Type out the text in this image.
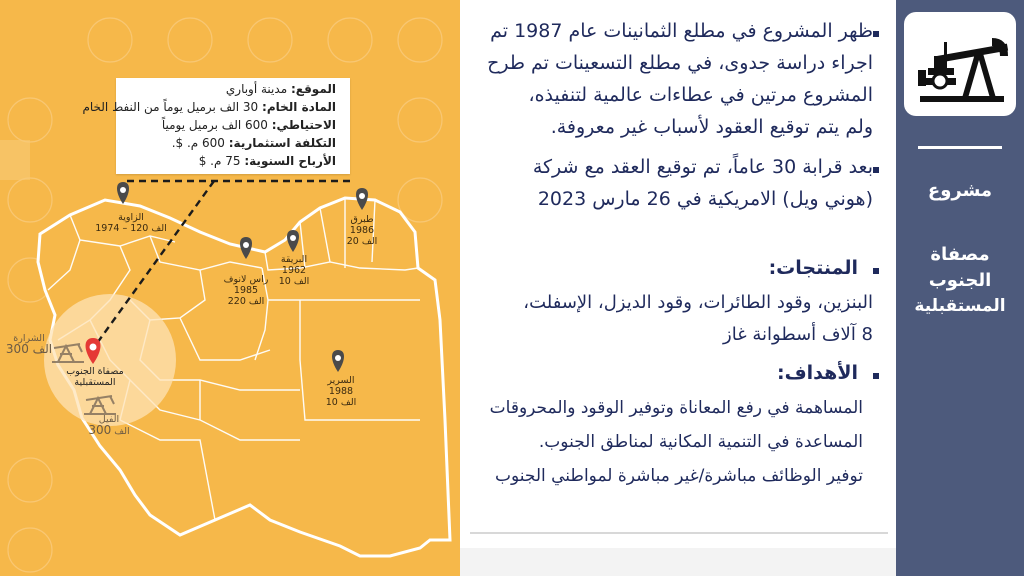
الموقع: مدينة أوباري
المادة الخام: 30 الف برميل يوماً من النفط الخام
الاحتياطي: 600 الف برميل يومياً
التكلفة استثمارية: 600 م. $.
الأرباح السنوية: 75 م. $
الزاوية
1974 – 120 الف
طبرق
1986
20 الف
البريقة
1962
10 الف
راس لانوف
1985
220 الف
السرير
1988
10 الف
الشرارة
300 الف
مصفاة الجنوب
المستقبلية
الفيل
300 الف
ظهر المشروع في مطلع الثمانينات عام 1987 تم
اجراء دراسة جدوى، في مطلع التسعينات تم طرح
المشروع مرتين في عطاءات عالمية لتنفيذه،
ولم يتم توقيع العقود لأسباب غير معروفة.
بعد قرابة 30 عاماً، تم توقيع العقد مع شركة
(هوني ويل) الامريكية في 26 مارس 2023
المنتجات:
البنزين، وقود الطائرات، وقود الديزل، الإسفلت،
8 آلاف أسطوانة غاز
الأهداف:
المساهمة في رفع المعاناة وتوفير الوقود والمحروقات
المساعدة في التنمية المكانية لمناطق الجنوب.
توفير الوظائف مباشرة/غير مباشرة لمواطني الجنوب
مشروع
مصفاة
الجنوب
المستقبلية
